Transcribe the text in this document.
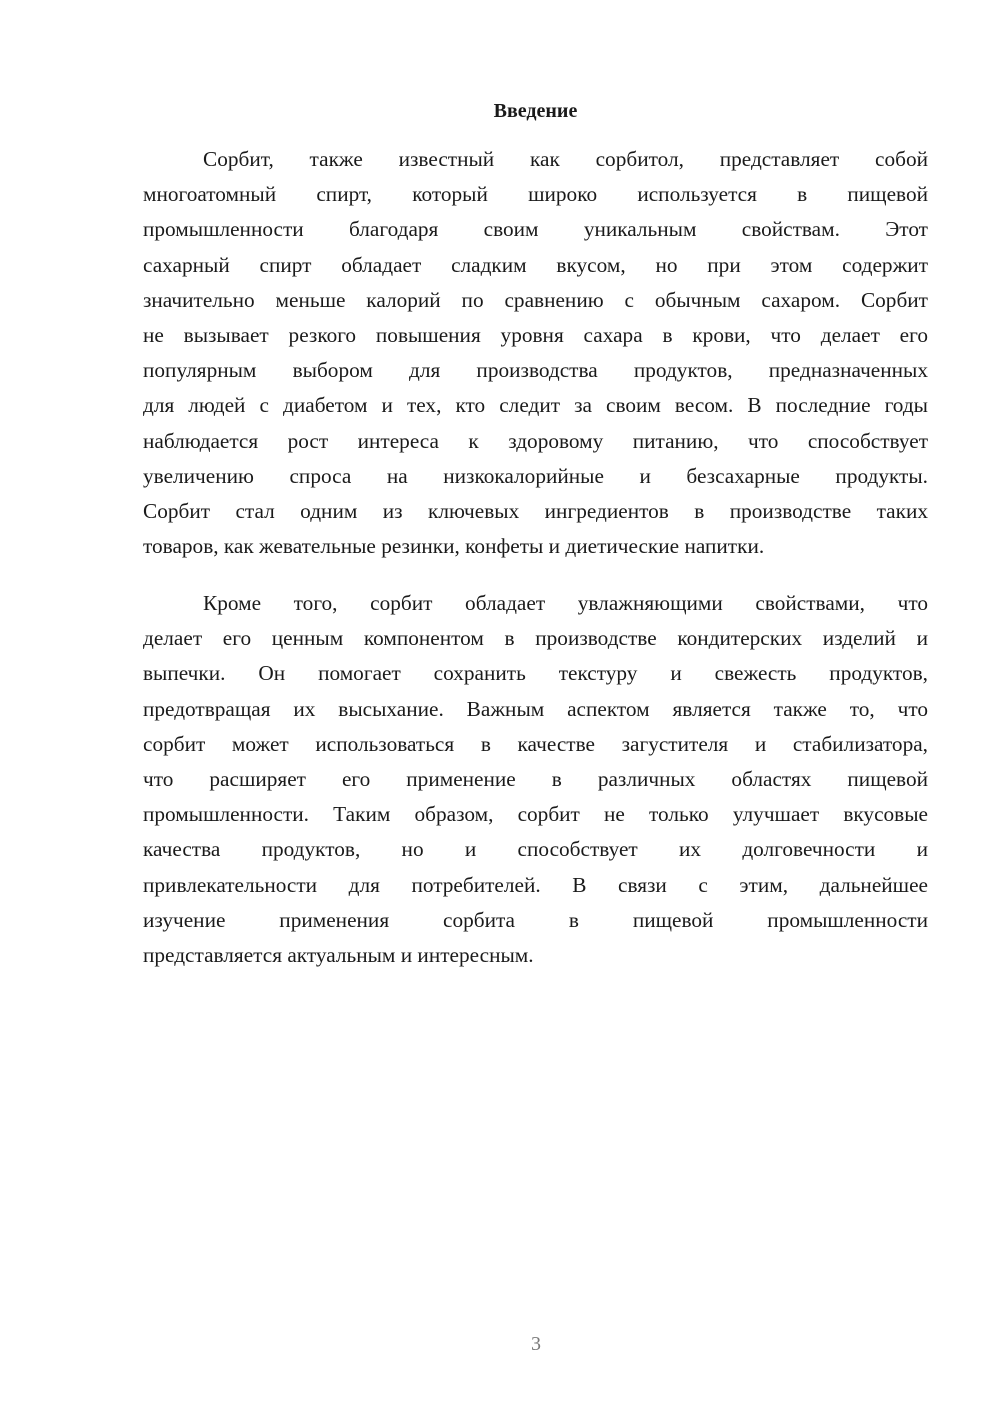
Введение
Сорбит, также известный как сорбитол, представляет собой
многоатомный спирт, который широко используется в пищевой
промышленности благодаря своим уникальным свойствам. Этот
сахарный спирт обладает сладким вкусом, но при этом содержит
значительно меньше калорий по сравнению с обычным сахаром. Сорбит
не вызывает резкого повышения уровня сахара в крови, что делает его
популярным выбором для производства продуктов, предназначенных
для людей с диабетом и тех, кто следит за своим весом. В последние годы
наблюдается рост интереса к здоровому питанию, что способствует
увеличению спроса на низкокалорийные и безсахарные продукты.
Сорбит стал одним из ключевых ингредиентов в производстве таких
товаров, как жевательные резинки, конфеты и диетические напитки.
Кроме того, сорбит обладает увлажняющими свойствами, что
делает его ценным компонентом в производстве кондитерских изделий и
выпечки. Он помогает сохранить текстуру и свежесть продуктов,
предотвращая их высыхание. Важным аспектом является также то, что
сорбит может использоваться в качестве загустителя и стабилизатора,
что расширяет его применение в различных областях пищевой
промышленности. Таким образом, сорбит не только улучшает вкусовые
качества продуктов, но и способствует их долговечности и
привлекательности для потребителей. В связи с этим, дальнейшее
изучение применения сорбита в пищевой промышленности
представляется актуальным и интересным.
3
